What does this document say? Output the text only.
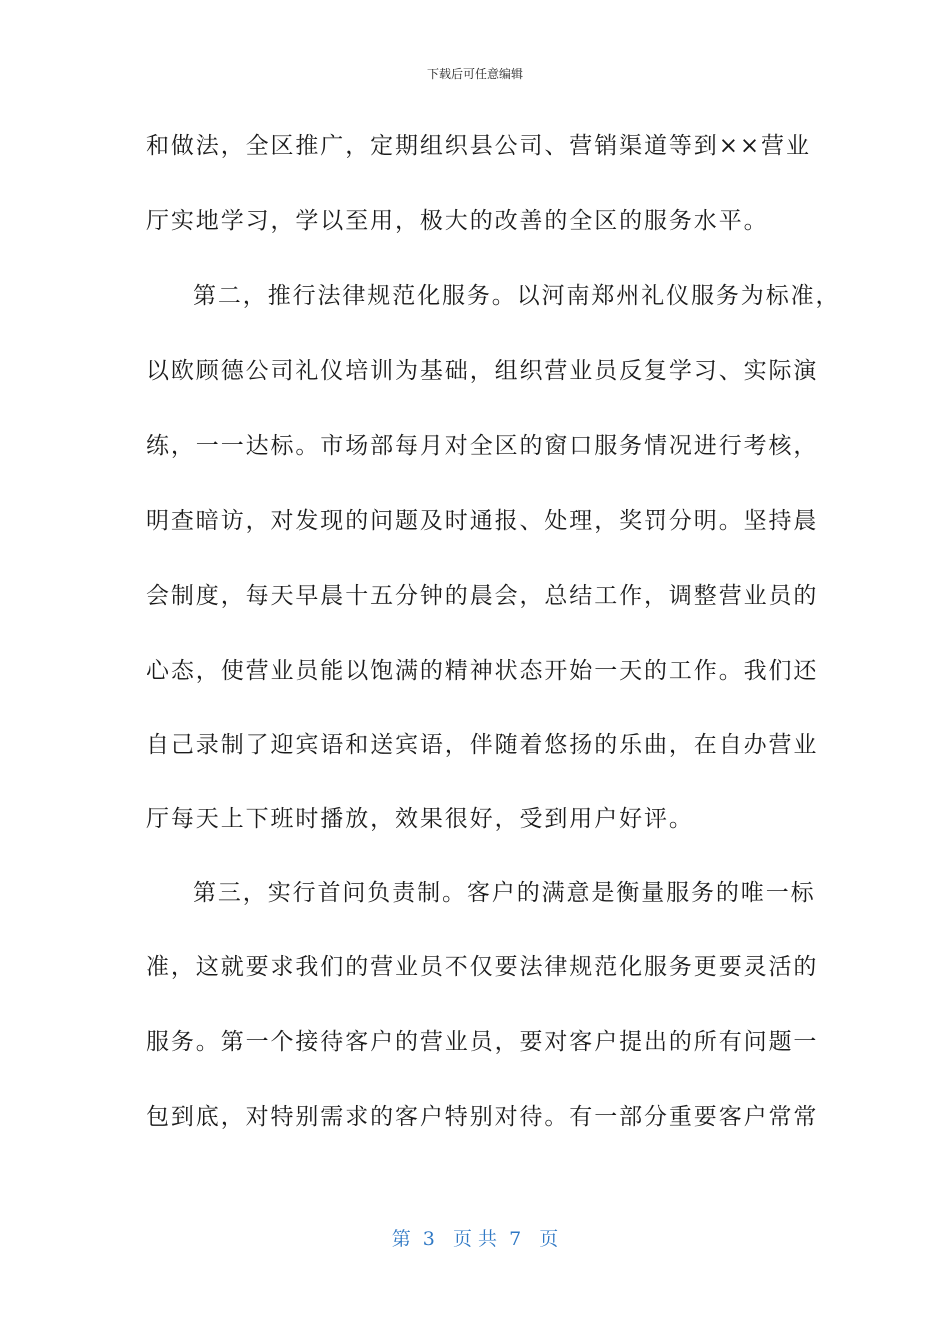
下载后可任意编辑
和做法，全区推广，定期组织县公司、营销渠道等到××营业
厅实地学习，学以至用，极大的改善的全区的服务水平。
第二，推行法律规范化服务。以河南郑州礼仪服务为标准，
以欧顾德公司礼仪培训为基础，组织营业员反复学习、实际演
练，一一达标。市场部每月对全区的窗口服务情况进行考核，
明查暗访，对发现的问题及时通报、处理，奖罚分明。坚持晨
会制度，每天早晨十五分钟的晨会，总结工作，调整营业员的
心态，使营业员能以饱满的精神状态开始一天的工作。我们还
自己录制了迎宾语和送宾语，伴随着悠扬的乐曲，在自办营业
厅每天上下班时播放，效果很好，受到用户好评。
第三，实行首问负责制。客户的满意是衡量服务的唯一标
准，这就要求我们的营业员不仅要法律规范化服务更要灵活的
服务。第一个接待客户的营业员，要对客户提出的所有问题一
包到底，对特别需求的客户特别对待。有一部分重要客户常常
第  3   页 共  7   页
